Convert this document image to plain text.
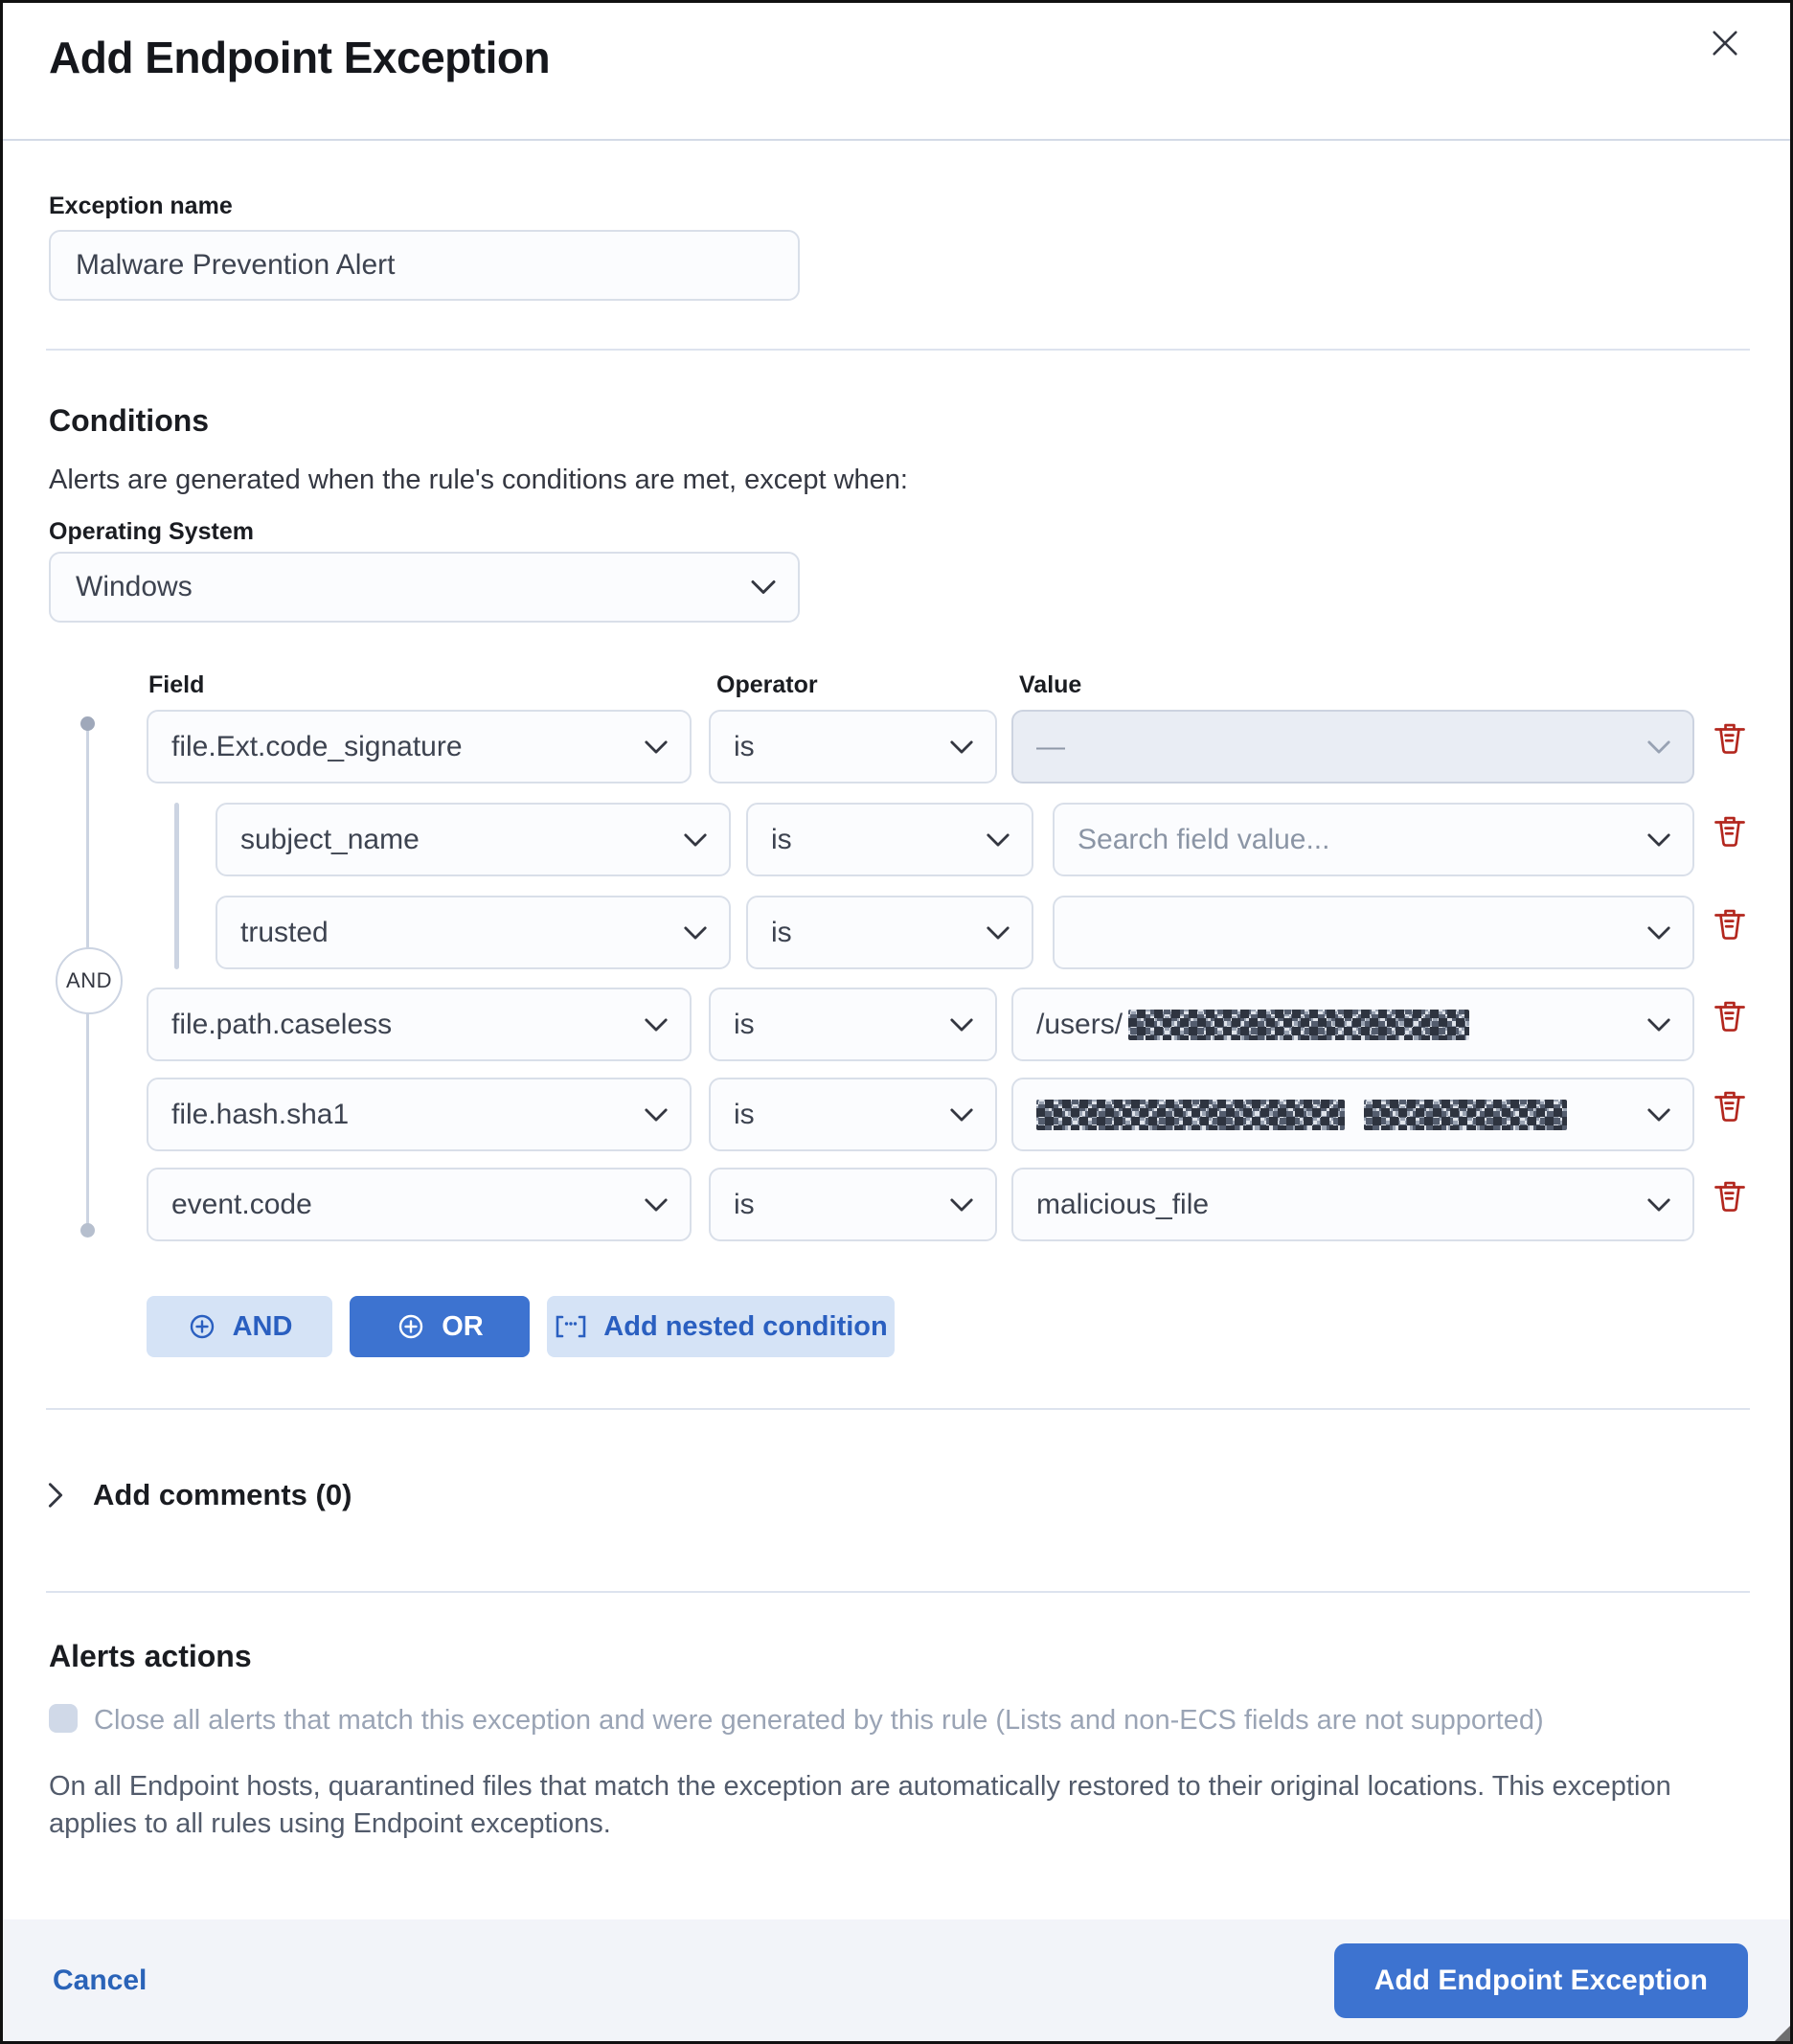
Add Endpoint Exception
Exception name
Malware Prevention Alert
Conditions
Alerts are generated when the rule's conditions are met, except when:
Operating System
Windows
Field	Operator	Value
AND
file.Ext.code_signature	is	—
subject_name	is	Search field value...
trusted	is
file.path.caseless	is	/users/
file.hash.sha1	is
event.code	is	malicious_file
AND	OR	Add nested condition
Add comments (0)
Alerts actions
Close all alerts that match this exception and were generated by this rule (Lists and non-ECS fields are not supported)
On all Endpoint hosts, quarantined files that match the exception are automatically restored to their original locations. This exception applies to all rules using Endpoint exceptions.
Cancel	Add Endpoint Exception
